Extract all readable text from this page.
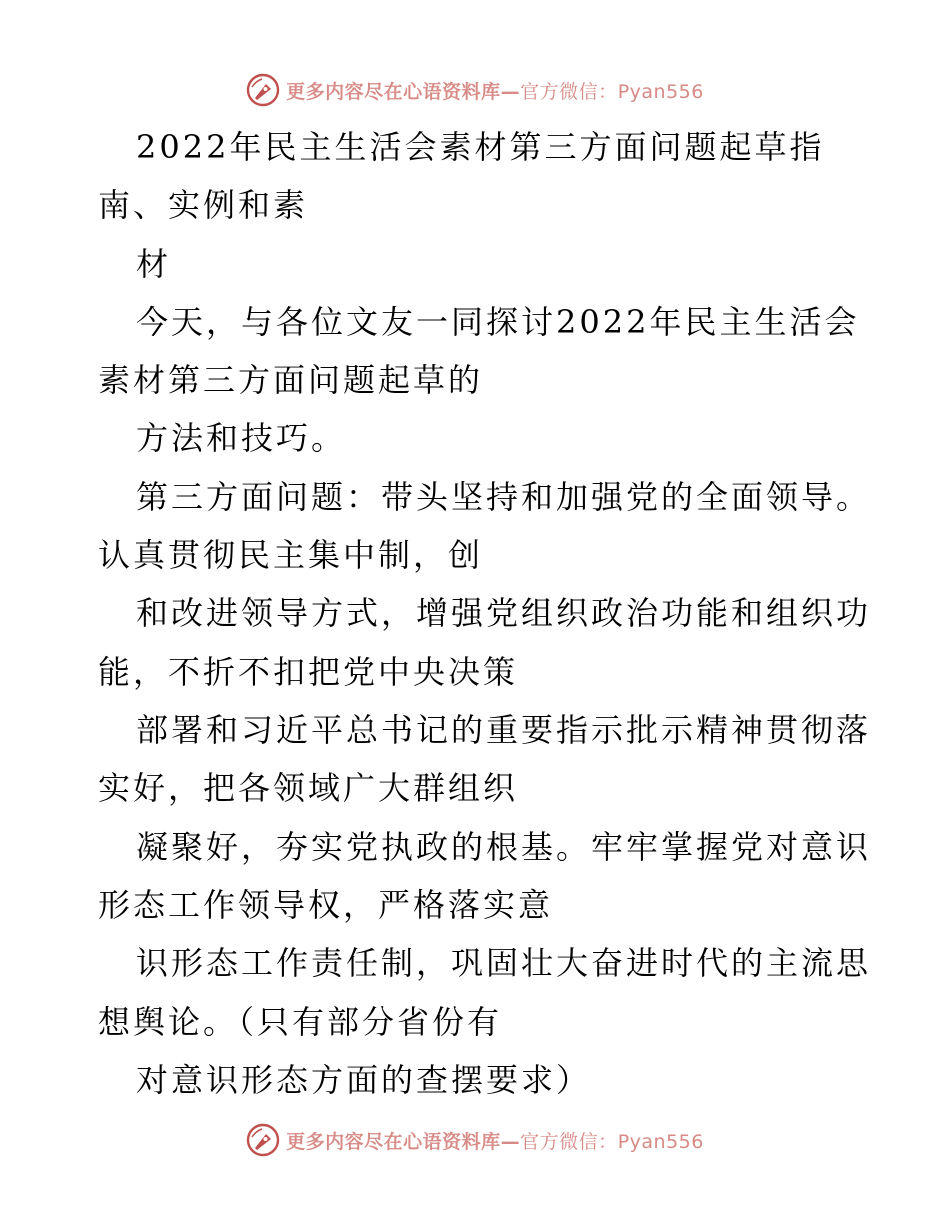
更多内容尽在心语资料库—官方微信：Pyan556
2022年民主生活会素材第三方面问题起草指
南、实例和素
材
今天，与各位文友一同探讨2022年民主生活会
素材第三方面问题起草的
方法和技巧。
第三方面问题：带头坚持和加强党的全面领导。
认真贯彻民主集中制，创
和改进领导方式，增强党组织政治功能和组织功
能，不折不扣把党中央决策
部署和习近平总书记的重要指示批示精神贯彻落
实好，把各领域广大群组织
凝聚好，夯实党执政的根基。牢牢掌握党对意识
形态工作领导权，严格落实意
识形态工作责任制，巩固壮大奋进时代的主流思
想舆论。（只有部分省份有
对意识形态方面的查摆要求）
更多内容尽在心语资料库—官方微信：Pyan556
